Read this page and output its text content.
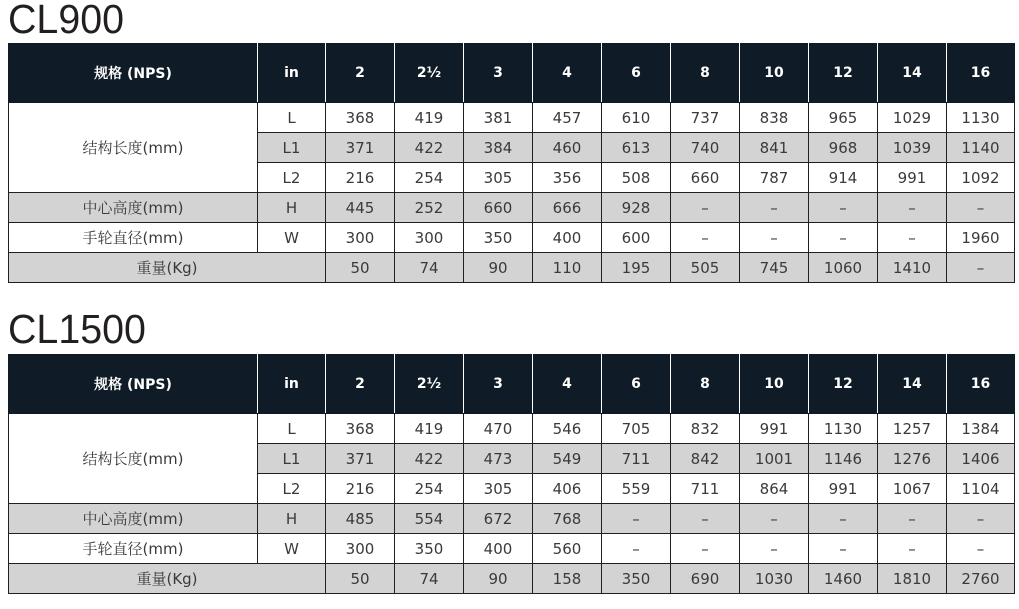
CL900
规格 (NPS)	in	2	2½	3	4	6	8	10	12	14	16
结构长度(mm)	L	368	419	381	457	610	737	838	965	1029	1130
	L1	371	422	384	460	613	740	841	968	1039	1140
	L2	216	254	305	356	508	660	787	914	991	1092
中心高度(mm)	H	445	252	660	666	928	–	–	–	–	–
手轮直径(mm)	W	300	300	350	400	600	–	–	–	–	1960
重量(Kg)		50	74	90	110	195	505	745	1060	1410	–
CL1500
规格 (NPS)	in	2	2½	3	4	6	8	10	12	14	16
结构长度(mm)	L	368	419	470	546	705	832	991	1130	1257	1384
	L1	371	422	473	549	711	842	1001	1146	1276	1406
	L2	216	254	305	406	559	711	864	991	1067	1104
中心高度(mm)	H	485	554	672	768	–	–	–	–	–	–
手轮直径(mm)	W	300	350	400	560	–	–	–	–	–	–
重量(Kg)		50	74	90	158	350	690	1030	1460	1810	2760
